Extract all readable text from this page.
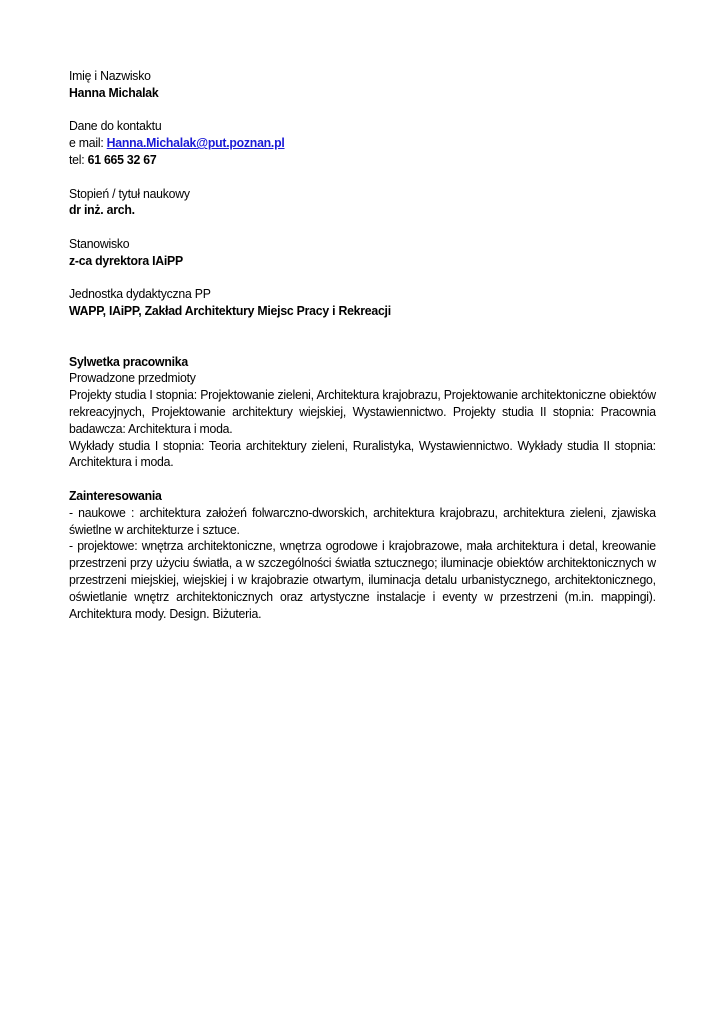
Imię i Nazwisko
Hanna Michalak
Dane do kontaktu
e mail: Hanna.Michalak@put.poznan.pl
tel: 61 665 32 67
Stopień / tytuł naukowy
dr inż. arch.
Stanowisko
z-ca dyrektora IAiPP
Jednostka dydaktyczna PP
WAPP, IAiPP, Zakład Architektury Miejsc Pracy i Rekreacji
Sylwetka pracownika
Prowadzone przedmioty
Projekty studia I stopnia: Projektowanie zieleni, Architektura krajobrazu, Projektowanie architektoniczne obiektów rekreacyjnych, Projektowanie architektury wiejskiej, Wystawiennictwo. Projekty studia II stopnia: Pracownia badawcza: Architektura i moda.
Wykłady studia I stopnia: Teoria architektury zieleni, Ruralistyka, Wystawiennictwo. Wykłady studia II stopnia: Architektura i moda.
Zainteresowania
- naukowe : architektura założeń folwarczno-dworskich, architektura krajobrazu, architektura zieleni, zjawiska świetlne w architekturze i sztuce.
- projektowe: wnętrza architektoniczne, wnętrza ogrodowe i krajobrazowe, mała architektura i detal, kreowanie przestrzeni przy użyciu światła, a w szczególności światła sztucznego; iluminacje obiektów architektonicznych w przestrzeni miejskiej, wiejskiej i w krajobrazie otwartym, iluminacja detalu urbanistycznego, architektonicznego, oświetlanie wnętrz architektonicznych oraz artystyczne instalacje i eventy w przestrzeni (m.in. mappingi). Architektura mody. Design. Biżuteria.
